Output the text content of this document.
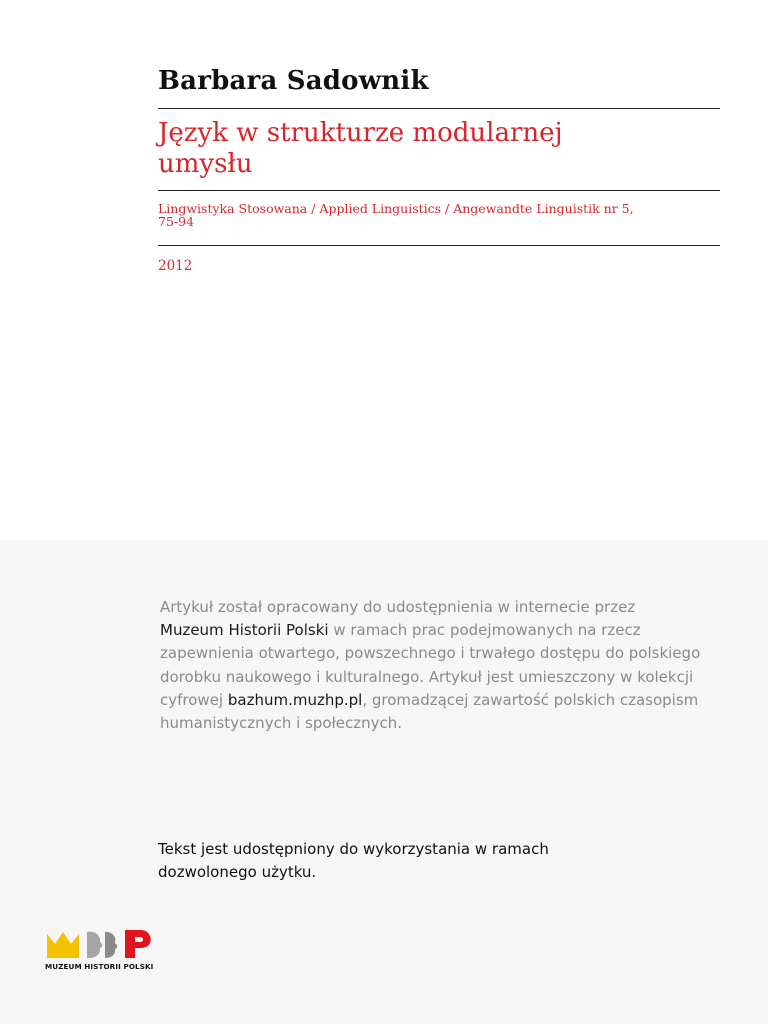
Barbara Sadownik
Język w strukturze modularnej
umysłu
Lingwistyka Stosowana / Applied Linguistics / Angewandte Linguistik nr 5,
75-94
2012
Artykuł został opracowany do udostępnienia w internecie przez
Muzeum Historii Polski w ramach prac podejmowanych na rzecz zapewnienia otwartego, powszechnego i trwałego dostępu do polskiego dorobku naukowego i kulturalnego. Artykuł jest umieszczony w kolekcji cyfrowej bazhum.muzhp.pl, gromadzącej zawartość polskich czasopism humanistycznych i społecznych.
Tekst jest udostępniony do wykorzystania w ramach dozwolonego użytku.
MUZEUM HISTORII POLSKI
